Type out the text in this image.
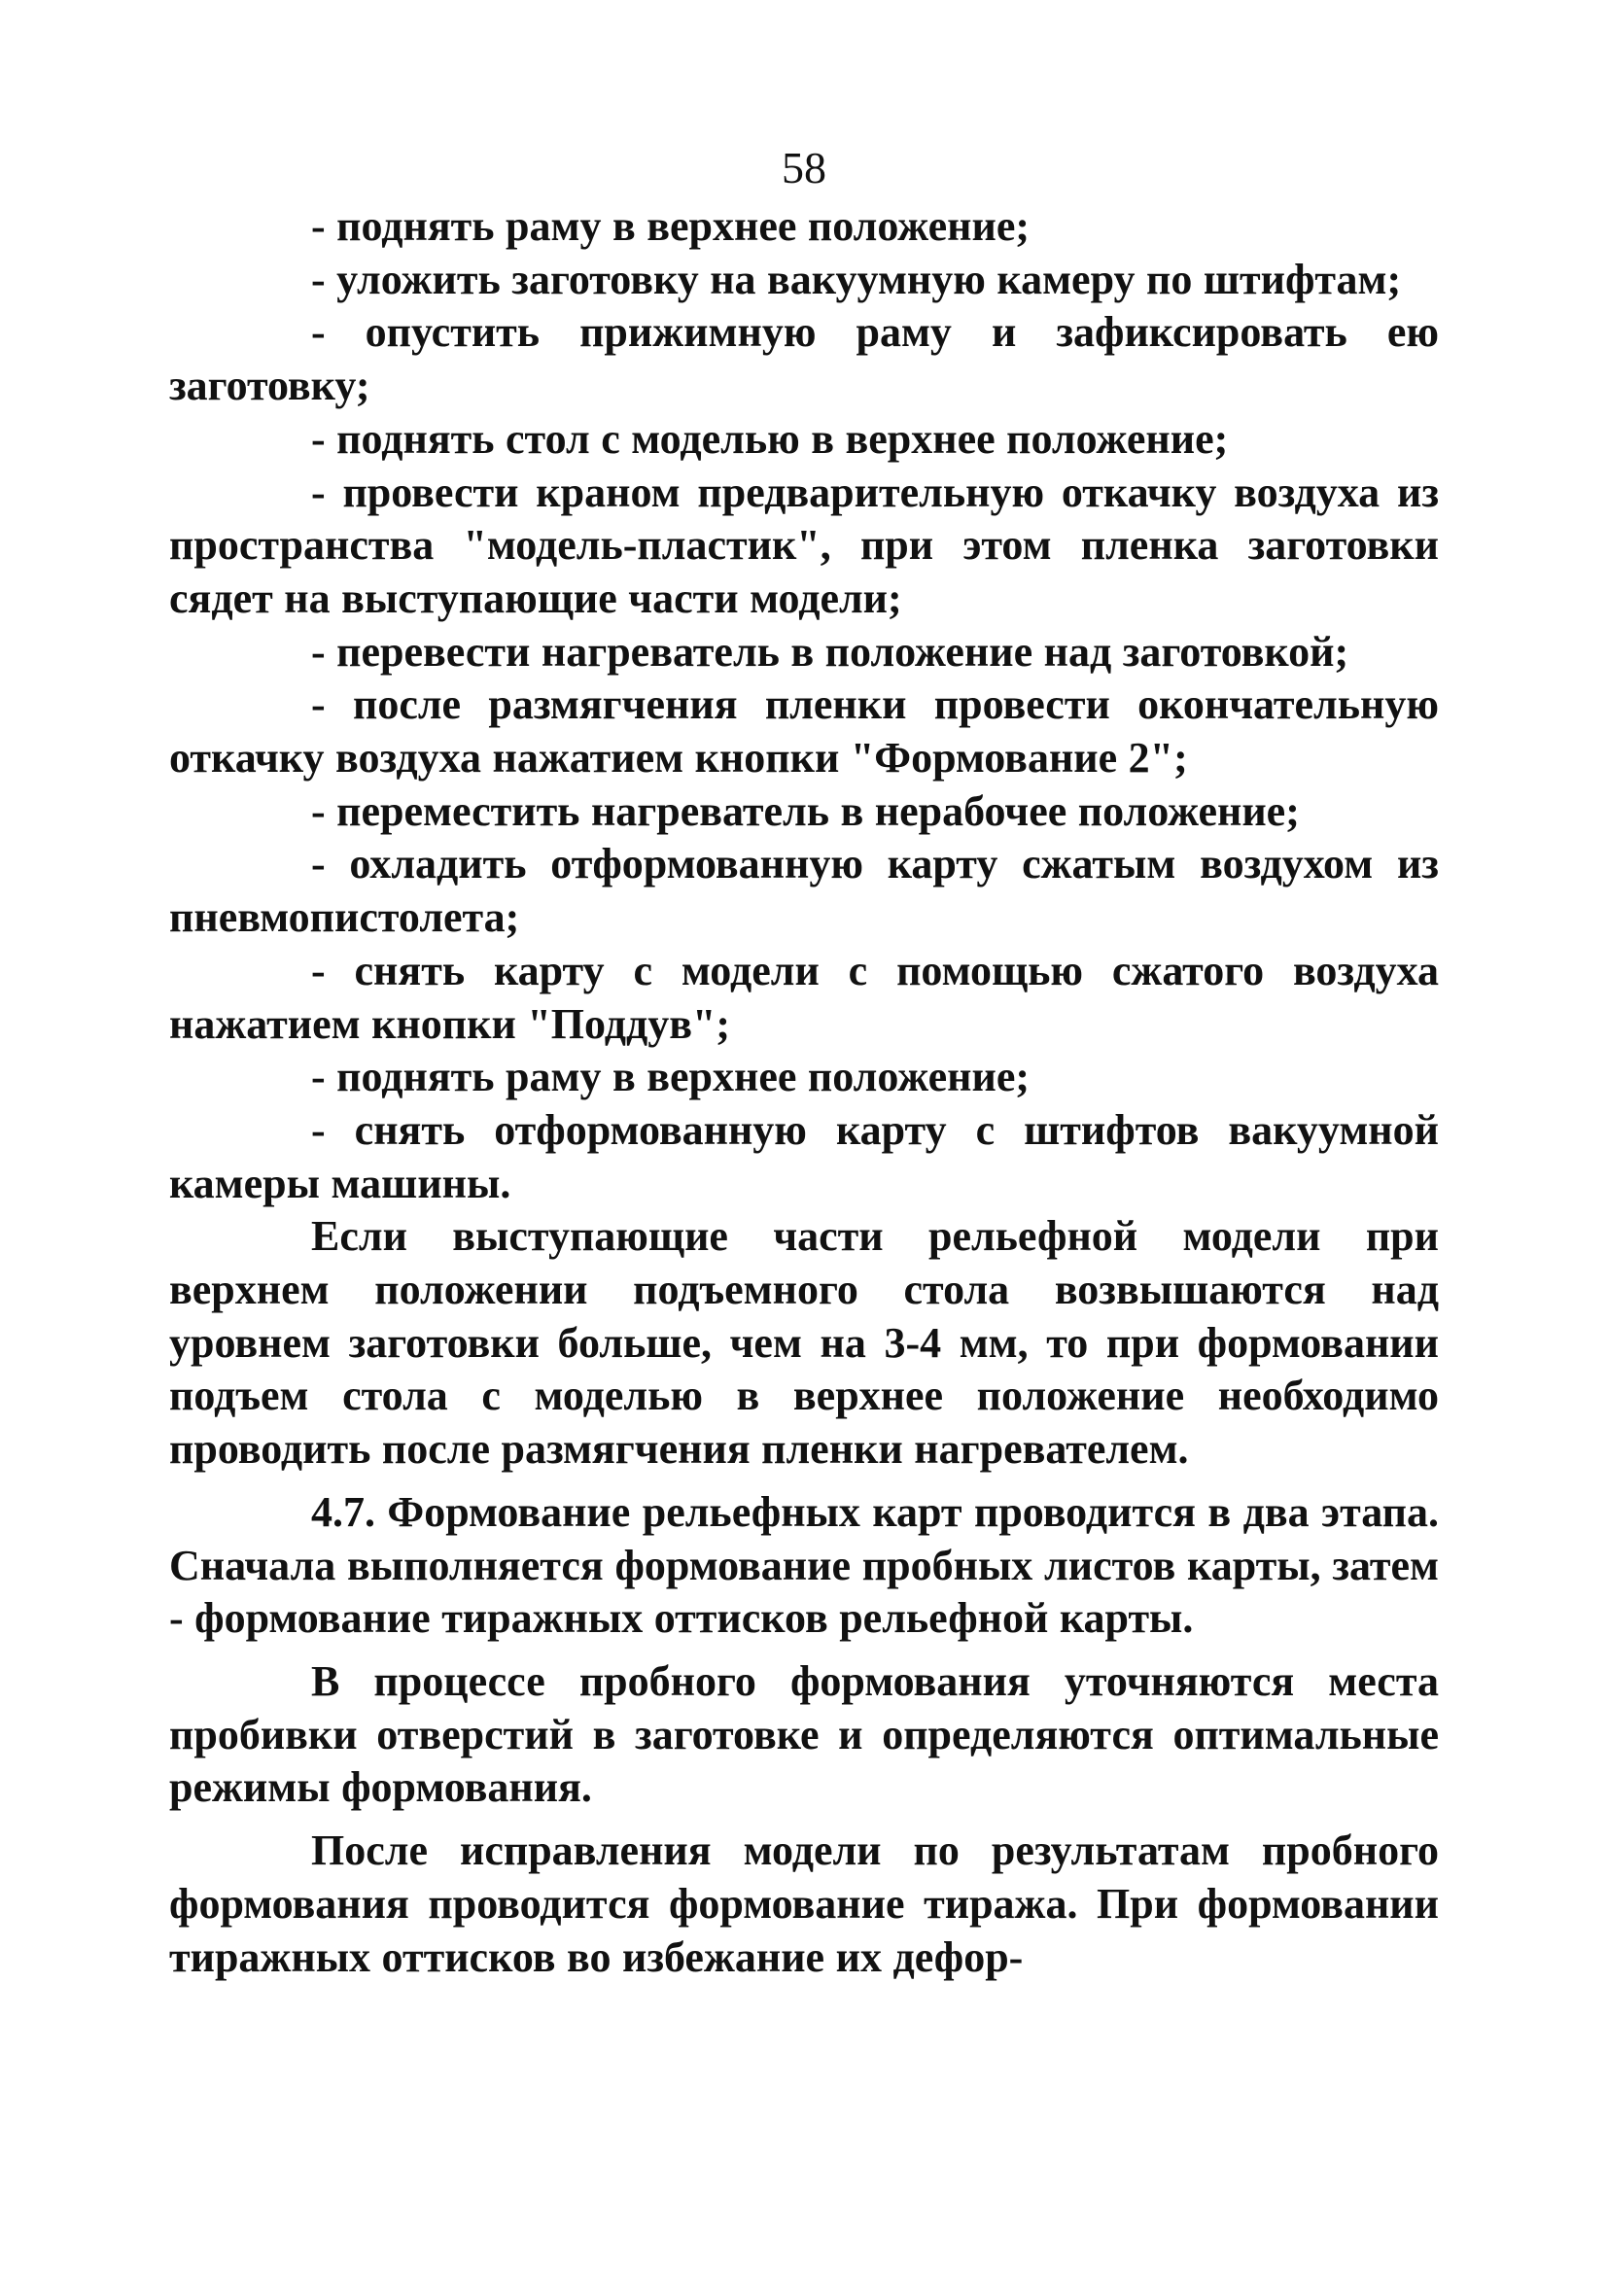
58

- поднять раму в верхнее положение;

- уложить заготовку на вакуумную камеру по штифтам;

- опустить прижимную раму и зафиксировать ею заготовку;

- поднять стол с моделью в верхнее положение;

- провести краном предварительную откачку воздуха из пространства "модель-пластик", при этом пленка заготовки сядет на выступающие части модели;

- перевести нагреватель в положение над заготовкой;

- после размягчения пленки провести окончательную откачку воздуха нажатием кнопки "Формование 2";

- переместить нагреватель в нерабочее положение;

- охладить отформованную карту сжатым воздухом из пневмопистолета;

- снять карту с модели с помощью сжатого воздуха нажатием кнопки "Поддув";

- поднять раму в верхнее положение;

- снять отформованную карту с штифтов вакуумной камеры машины.

Если выступающие части рельефной модели при верхнем положении подъемного стола возвышаются над уровнем заготовки больше, чем на 3-4 мм, то при формовании подъем стола с моделью в верхнее положение необходимо проводить после размягчения пленки нагревателем.

4.7. Формование рельефных карт проводится в два этапа. Сначала выполняется формование пробных листов карты, затем - формование тиражных оттисков рельефной карты.

В процессе пробного формования уточняются места пробивки отверстий в заготовке и определяются оптимальные режимы формования.

После исправления модели по результатам пробного формования проводится формование тиража. При формовании тиражных оттисков во избежание их дефор-
